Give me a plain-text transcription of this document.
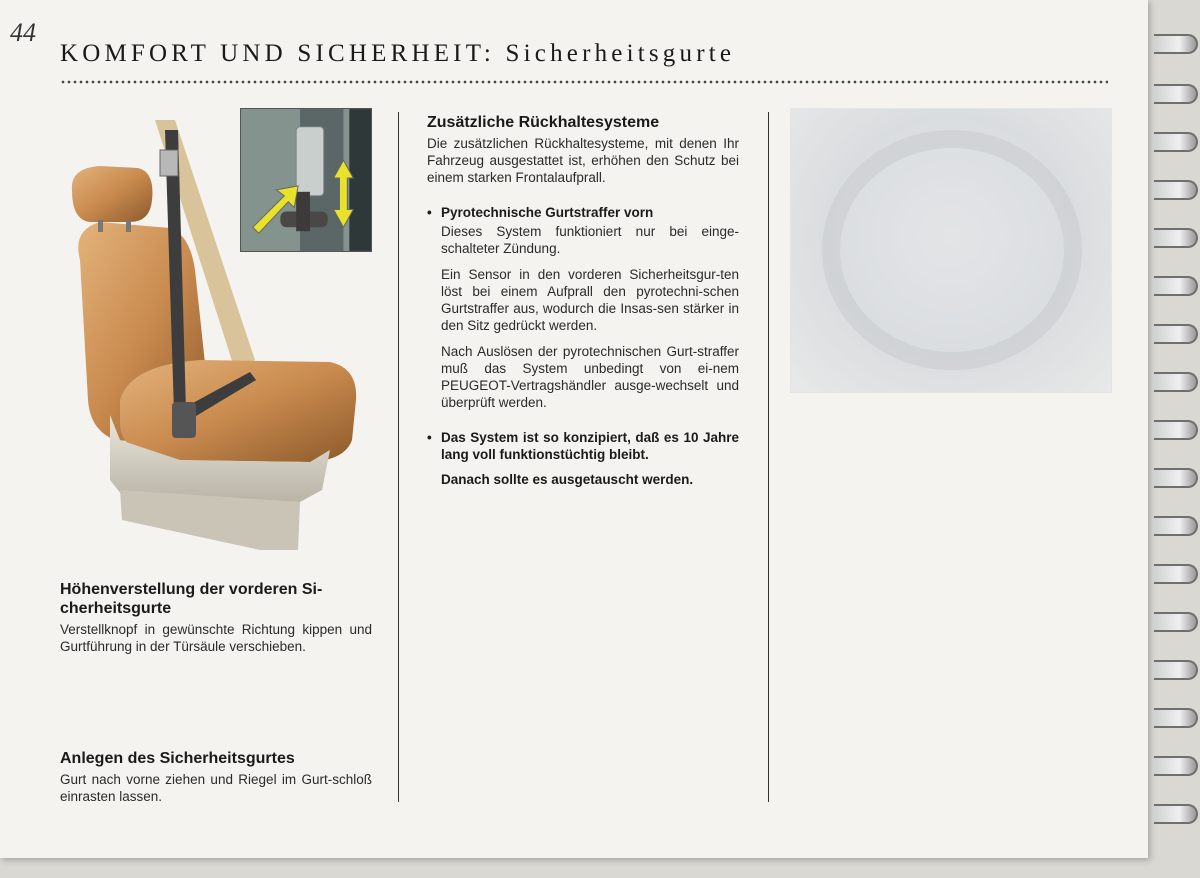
44
KOMFORT UND SICHERHEIT: Sicherheitsgurte
Höhenverstellung der vorderen Si-
cherheitsgurte
Verstellknopf in gewünschte Richtung kippen und Gurtführung in der Türsäule verschieben.
Anlegen des Sicherheitsgurtes
Gurt nach vorne ziehen und Riegel im Gurt-schloß einrasten lassen.
Zusätzliche Rückhaltesysteme
Die zusätzlichen Rückhaltesysteme, mit denen Ihr Fahrzeug ausgestattet ist, erhöhen den Schutz bei einem starken Frontalaufprall.
• Pyrotechnische Gurtstraffer vorn
Dieses System funktioniert nur bei einge-schalteter Zündung.
Ein Sensor in den vorderen Sicherheitsgur-ten löst bei einem Aufprall den pyrotechni-schen Gurtstraffer aus, wodurch die Insas-sen stärker in den Sitz gedrückt werden.
Nach Auslösen der pyrotechnischen Gurt-straffer muß das System unbedingt von ei-nem PEUGEOT-Vertragshändler ausge-wechselt und überprüft werden.
• Das System ist so konzipiert, daß es 10 Jahre lang voll funktionstüchtig bleibt.
Danach sollte es ausgetauscht werden.
